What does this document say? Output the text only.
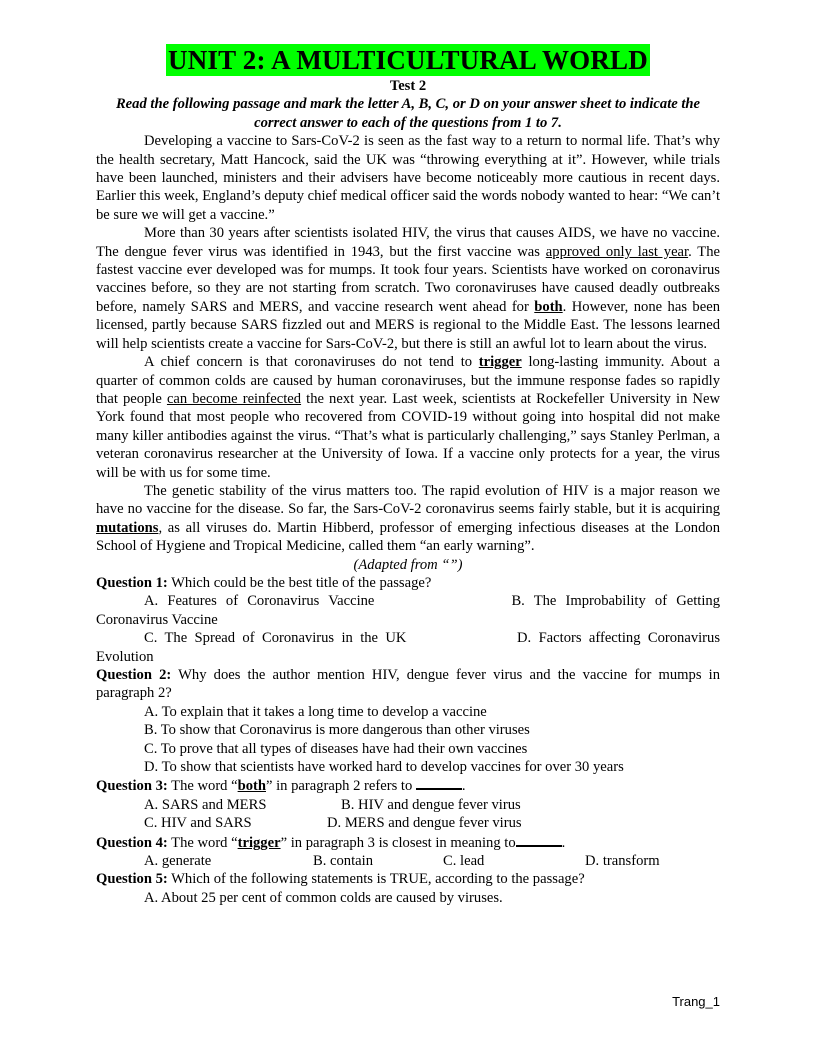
UNIT 2: A MULTICULTURAL WORLD
Test 2
Read the following passage and mark the letter A, B, C, or D on your answer sheet to indicate the correct answer to each of the questions from 1 to 7.

Developing a vaccine to Sars-CoV-2 is seen as the fast way to a return to normal life. That’s why the health secretary, Matt Hancock, said the UK was “throwing everything at it”. However, while trials have been launched, ministers and their advisers have become noticeably more cautious in recent days. Earlier this week, England’s deputy chief medical officer said the words nobody wanted to hear: “We can’t be sure we will get a vaccine.”

More than 30 years after scientists isolated HIV, the virus that causes AIDS, we have no vaccine. The dengue fever virus was identified in 1943, but the first vaccine was approved only last year. The fastest vaccine ever developed was for mumps. It took four years. Scientists have worked on coronavirus vaccines before, so they are not starting from scratch. Two coronaviruses have caused deadly outbreaks before, namely SARS and MERS, and vaccine research went ahead for both. However, none has been licensed, partly because SARS fizzled out and MERS is regional to the Middle East. The lessons learned will help scientists create a vaccine for Sars-CoV-2, but there is still an awful lot to learn about the virus.

A chief concern is that coronaviruses do not tend to trigger long-lasting immunity. About a quarter of common colds are caused by human coronaviruses, but the immune response fades so rapidly that people can become reinfected the next year. Last week, scientists at Rockefeller University in New York found that most people who recovered from COVID-19 without going into hospital did not make many killer antibodies against the virus. “That’s what is particularly challenging,” says Stanley Perlman, a veteran coronavirus researcher at the University of Iowa. If a vaccine only protects for a year, the virus will be with us for some time.

The genetic stability of the virus matters too. The rapid evolution of HIV is a major reason we have no vaccine for the disease. So far, the Sars-CoV-2 coronavirus seems fairly stable, but it is acquiring mutations, as all viruses do. Martin Hibberd, professor of emerging infectious diseases at the London School of Hygiene and Tropical Medicine, called them “an early warning”.

(Adapted from “”)
Question 1: Which could be the best title of the passage?
A. Features of Coronavirus Vaccine	B. The Improbability of Getting
Coronavirus Vaccine
C. The Spread of Coronavirus in the UK	D. Factors affecting Coronavirus
Evolution
Question 2: Why does the author mention HIV, dengue fever virus and the vaccine for mumps in paragraph 2?
A. To explain that it takes a long time to develop a vaccine
B. To show that Coronavirus is more dangerous than other viruses
C. To prove that all types of diseases have had their own vaccines
D. To show that scientists have worked hard to develop vaccines for over 30 years
Question 3: The word “both” in paragraph 2 refers to	.
A. SARS and MERS	B. HIV and dengue fever virus
C. HIV and SARS	D. MERS and dengue fever virus
Question 4: The word “trigger” in paragraph 3 is closest in meaning to	.
A. generate	B. contain	C. lead	D. transform
Question 5: Which of the following statements is TRUE, according to the passage?
A. About 25 per cent of common colds are caused by viruses.
Trang_1
